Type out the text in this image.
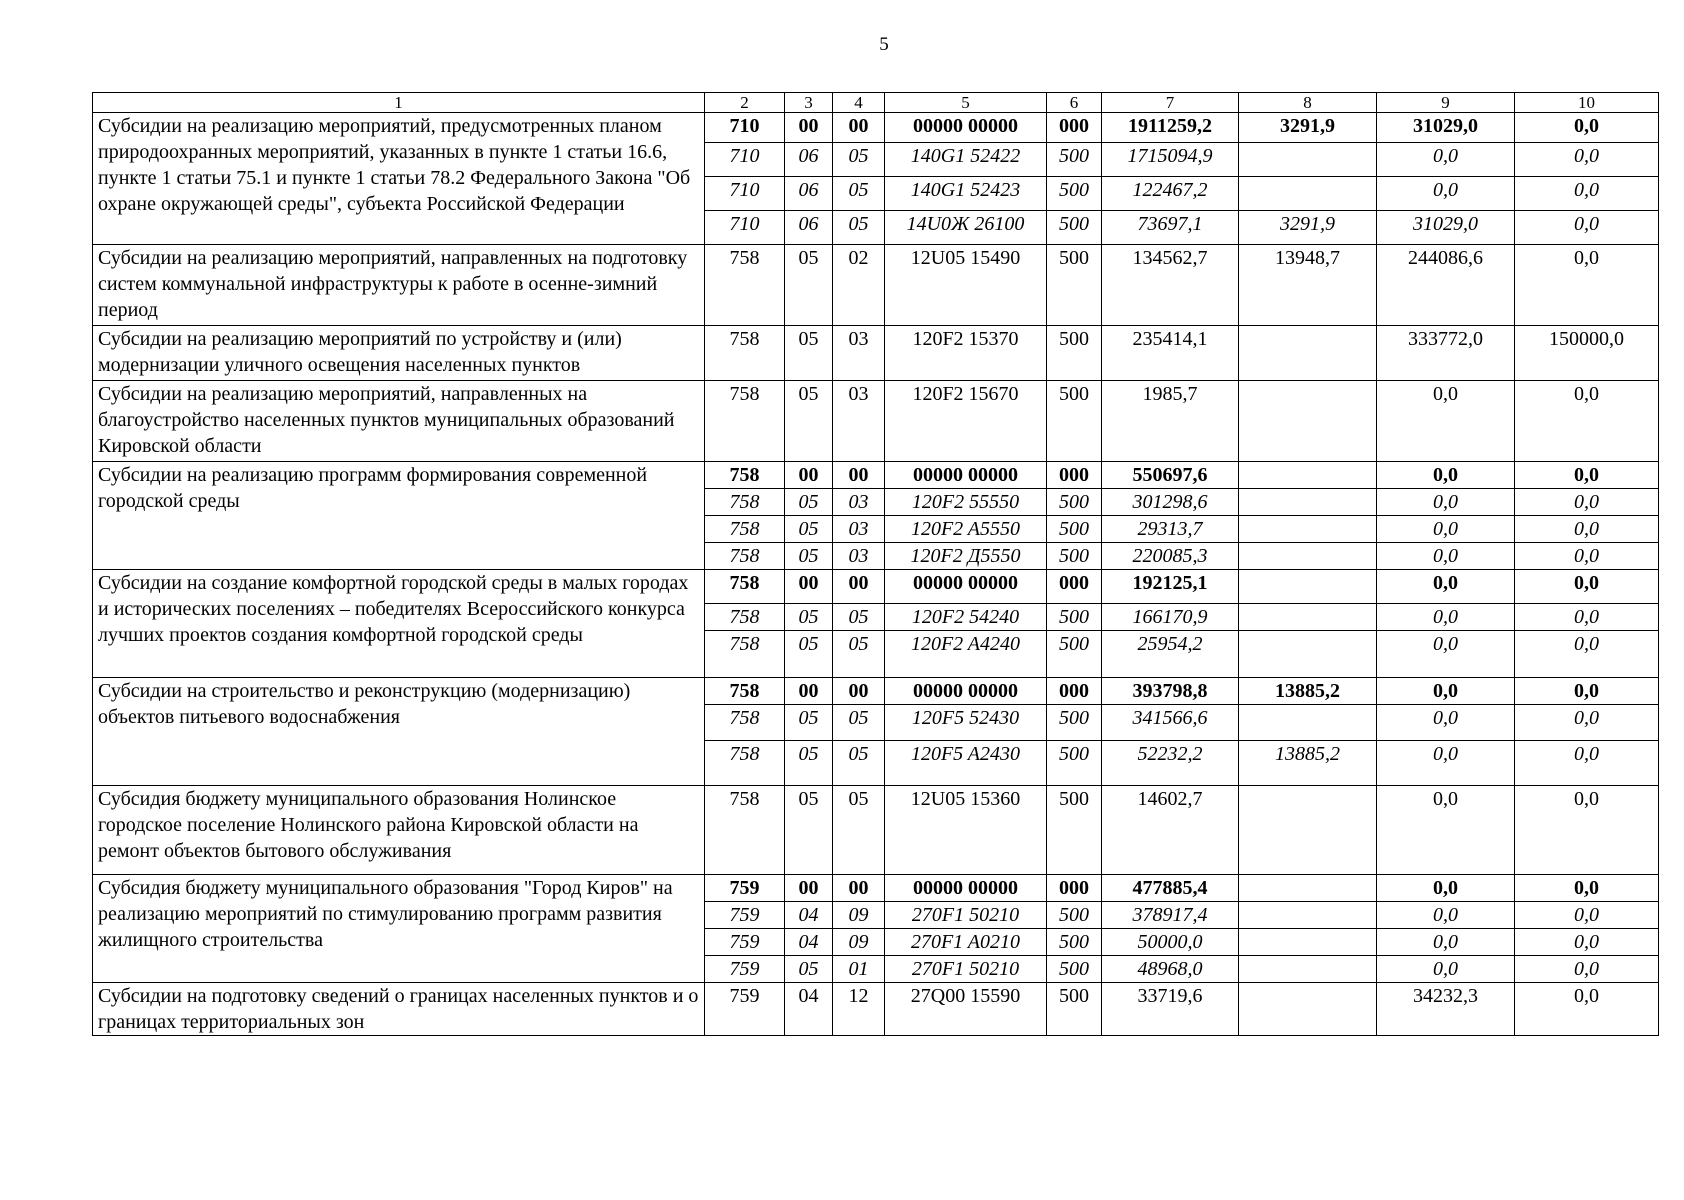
5
1	2	3	4	5	6	7	8	9	10
Субсидии на реализацию мероприятий, предусмотренных планом природоохранных мероприятий, указанных в пункте 1 статьи 16.6, пункте 1 статьи 75.1 и пункте 1 статьи 78.2 Федерального Закона "Об охране окружающей среды", субъекта Российской Федерации	710	00	00	00000 00000	000	1911259,2	3291,9	31029,0	0,0
	710	06	05	140G1 52422	500	1715094,9		0,0	0,0
	710	06	05	140G1 52423	500	122467,2		0,0	0,0
	710	06	05	14U0Ж 26100	500	73697,1	3291,9	31029,0	0,0
Субсидии на реализацию мероприятий, направленных на подготовку систем коммунальной инфраструктуры к работе в осенне-зимний период	758	05	02	12U05 15490	500	134562,7	13948,7	244086,6	0,0
Субсидии на реализацию мероприятий по устройству и (или) модернизации уличного освещения населенных пунктов	758	05	03	120F2 15370	500	235414,1		333772,0	150000,0
Субсидии на реализацию мероприятий, направленных на благоустройство населенных пунктов муниципальных образований Кировской области	758	05	03	120F2 15670	500	1985,7		0,0	0,0
Субсидии на реализацию программ формирования современной городской среды	758	00	00	00000 00000	000	550697,6		0,0	0,0
	758	05	03	120F2 55550	500	301298,6		0,0	0,0
	758	05	03	120F2 A5550	500	29313,7		0,0	0,0
	758	05	03	120F2 Д5550	500	220085,3		0,0	0,0
Субсидии на создание комфортной городской среды в малых городах и исторических поселениях – победителях Всероссийского конкурса лучших проектов создания комфортной городской среды	758	00	00	00000 00000	000	192125,1		0,0	0,0
	758	05	05	120F2 54240	500	166170,9		0,0	0,0
	758	05	05	120F2 A4240	500	25954,2		0,0	0,0
Субсидии на строительство и реконструкцию (модернизацию) объектов питьевого водоснабжения	758	00	00	00000 00000	000	393798,8	13885,2	0,0	0,0
	758	05	05	120F5 52430	500	341566,6		0,0	0,0
	758	05	05	120F5 A2430	500	52232,2	13885,2	0,0	0,0
Субсидия бюджету муниципального образования Нолинское городское поселение Нолинского района Кировской области на ремонт объектов бытового обслуживания	758	05	05	12U05 15360	500	14602,7		0,0	0,0
Субсидия бюджету муниципального образования "Город Киров" на реализацию мероприятий по стимулированию программ развития жилищного строительства	759	00	00	00000 00000	000	477885,4		0,0	0,0
	759	04	09	270F1 50210	500	378917,4		0,0	0,0
	759	04	09	270F1 A0210	500	50000,0		0,0	0,0
	759	05	01	270F1 50210	500	48968,0		0,0	0,0
Субсидии на подготовку сведений о границах населенных пунктов и о границах территориальных зон	759	04	12	27Q00 15590	500	33719,6		34232,3	0,0
